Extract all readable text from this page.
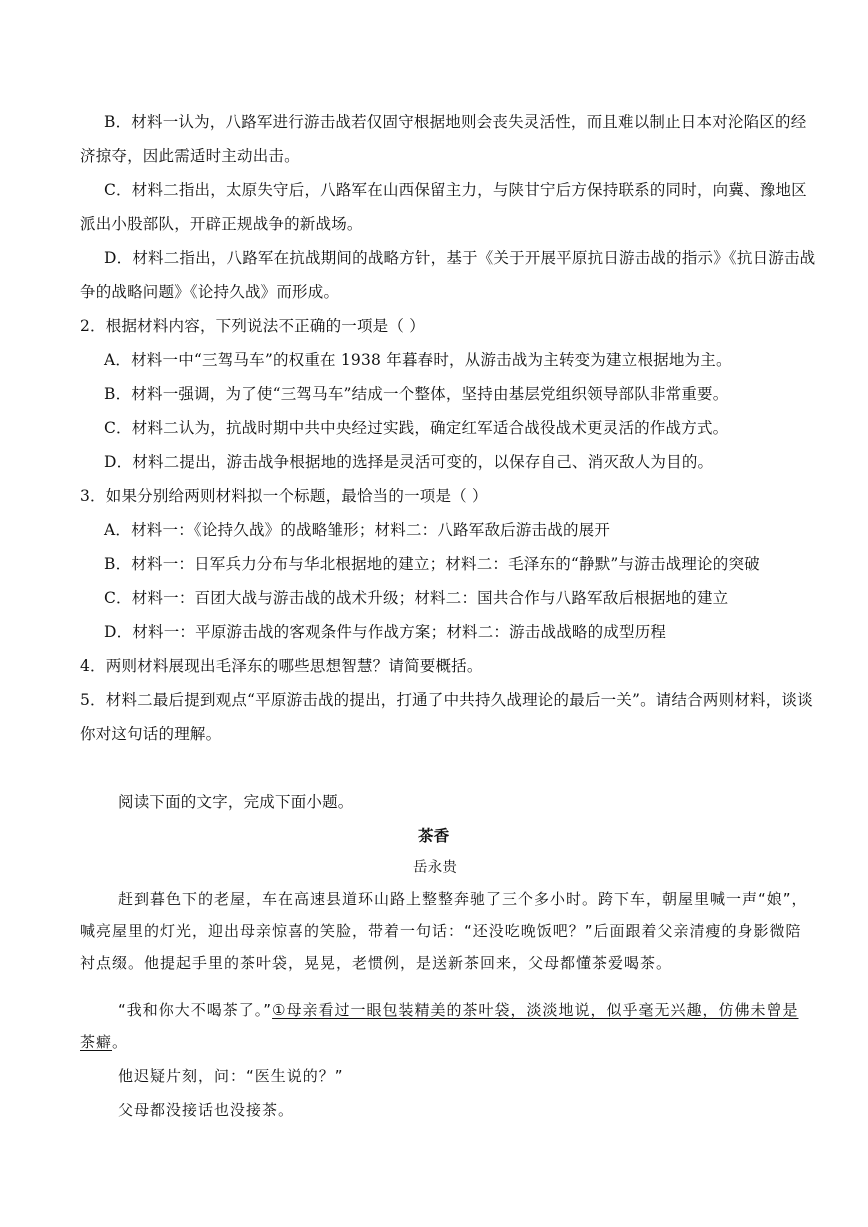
B．材料一认为，八路军进行游击战若仅固守根据地则会丧失灵活性，而且难以制止日本对沦陷区的经
济掠夺，因此需适时主动出击。
C．材料二指出，太原失守后，八路军在山西保留主力，与陕甘宁后方保持联系的同时，向冀、豫地区
派出小股部队，开辟正规战争的新战场。
D．材料二指出，八路军在抗战期间的战略方针，基于《关于开展平原抗日游击战的指示》《抗日游击战
争的战略问题》《论持久战》而形成。
2．根据材料内容，下列说法不正确的一项是（ ）
A．材料一中“三驾马车”的权重在 1938 年暮春时，从游击战为主转变为建立根据地为主。
B．材料一强调，为了使“三驾马车”结成一个整体，坚持由基层党组织领导部队非常重要。
C．材料二认为，抗战时期中共中央经过实践，确定红军适合战役战术更灵活的作战方式。
D．材料二提出，游击战争根据地的选择是灵活可变的，以保存自己、消灭敌人为目的。
3．如果分别给两则材料拟一个标题，最恰当的一项是（ ）
A．材料一：《论持久战》的战略雏形；材料二：八路军敌后游击战的展开
B．材料一：日军兵力分布与华北根据地的建立；材料二：毛泽东的“静默”与游击战理论的突破
C．材料一：百团大战与游击战的战术升级；材料二：国共合作与八路军敌后根据地的建立
D．材料一：平原游击战的客观条件与作战方案；材料二：游击战战略的成型历程
4．两则材料展现出毛泽东的哪些思想智慧？请简要概括。
5．材料二最后提到观点“平原游击战的提出，打通了中共持久战理论的最后一关”。请结合两则材料，谈谈
你对这句话的理解。
阅读下面的文字，完成下面小题。
茶香
岳永贵
赶到暮色下的老屋，车在高速县道环山路上整整奔驰了三个多小时。跨下车，朝屋里喊一声“娘”，
喊亮屋里的灯光，迎出母亲惊喜的笑脸，带着一句话：“还没吃晚饭吧？”后面跟着父亲清瘦的身影微陪
衬点缀。他提起手里的茶叶袋，晃晃，老惯例，是送新茶回来，父母都懂茶爱喝茶。
“我和你大不喝茶了。”①母亲看过一眼包装精美的茶叶袋，淡淡地说，似乎毫无兴趣，仿佛未曾是
茶癖。
他迟疑片刻，问：“医生说的？”
父母都没接话也没接茶。
